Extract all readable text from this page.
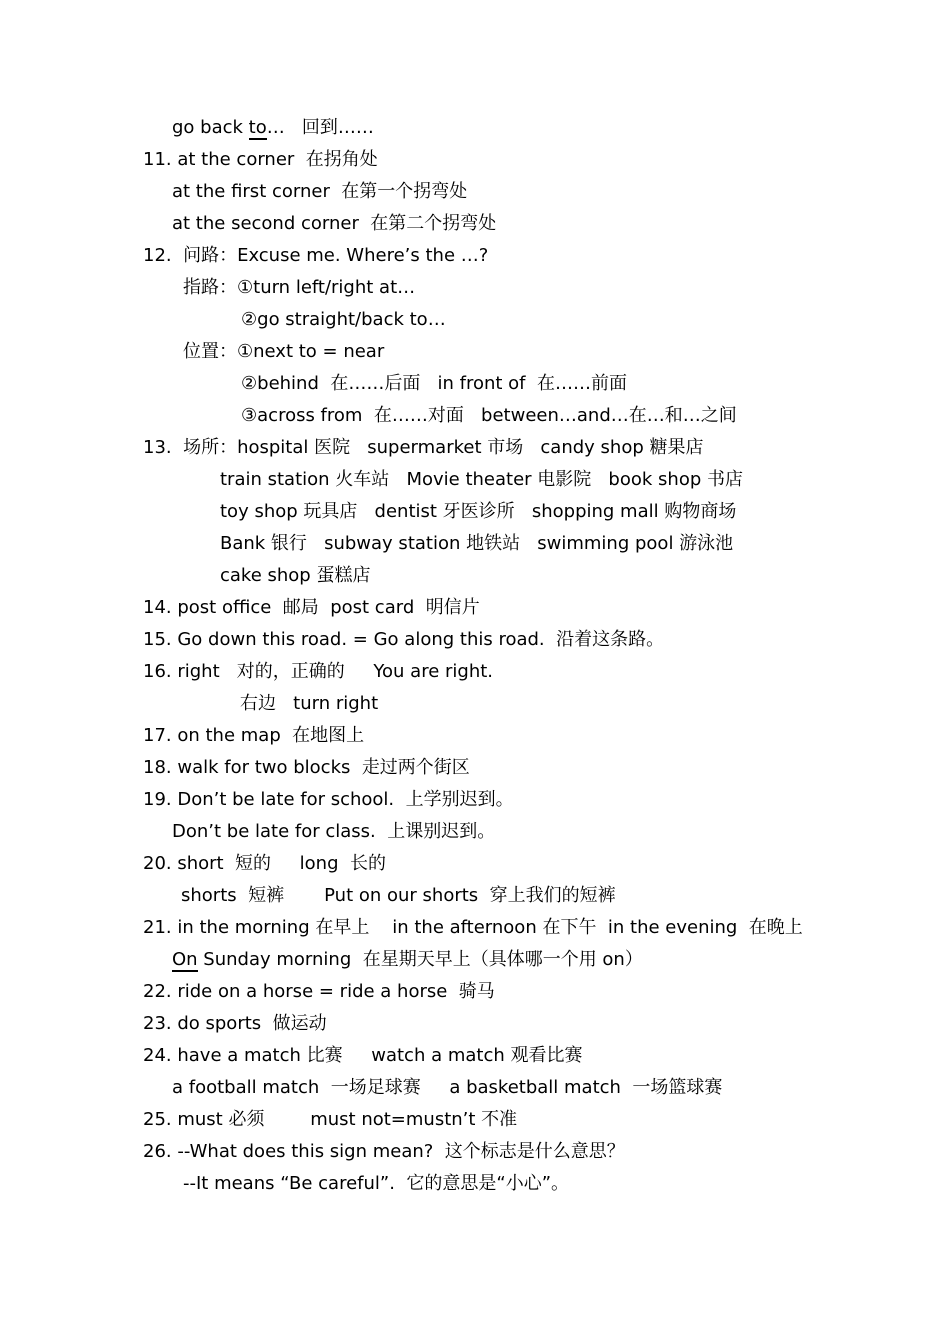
go back to…   回到……
11. at the corner  在拐角处
at the first corner  在第一个拐弯处
at the second corner  在第二个拐弯处
12.  问路：Excuse me. Where’s the …?
指路：①turn left/right at…
②go straight/back to…
位置：①next to = near
②behind  在……后面   in front of  在……前面
③across from  在……对面   between…and…在…和…之间
13.  场所：hospital 医院   supermarket 市场   candy shop 糖果店
train station 火车站   Movie theater 电影院   book shop 书店
toy shop 玩具店   dentist 牙医诊所   shopping mall 购物商场
Bank 银行   subway station 地铁站   swimming pool 游泳池
cake shop 蛋糕店
14. post office  邮局  post card  明信片
15. Go down this road. = Go along this road.  沿着这条路。
16. right   对的，正确的     You are right.
右边   turn right
17. on the map  在地图上
18. walk for two blocks  走过两个街区
19. Don’t be late for school.  上学别迟到。
Don’t be late for class.  上课别迟到。
20. short  短的     long  长的
shorts  短裤       Put on our shorts  穿上我们的短裤
21. in the morning 在早上    in the afternoon 在下午  in the evening  在晚上
On Sunday morning  在星期天早上（具体哪一个用 on）
22. ride on a horse = ride a horse  骑马
23. do sports  做运动
24. have a match 比赛     watch a match 观看比赛
a football match  一场足球赛     a basketball match  一场篮球赛
25. must 必须        must not=mustn’t 不准
26. --What does this sign mean?  这个标志是什么意思？
--It means “Be careful”.  它的意思是“小心”。
